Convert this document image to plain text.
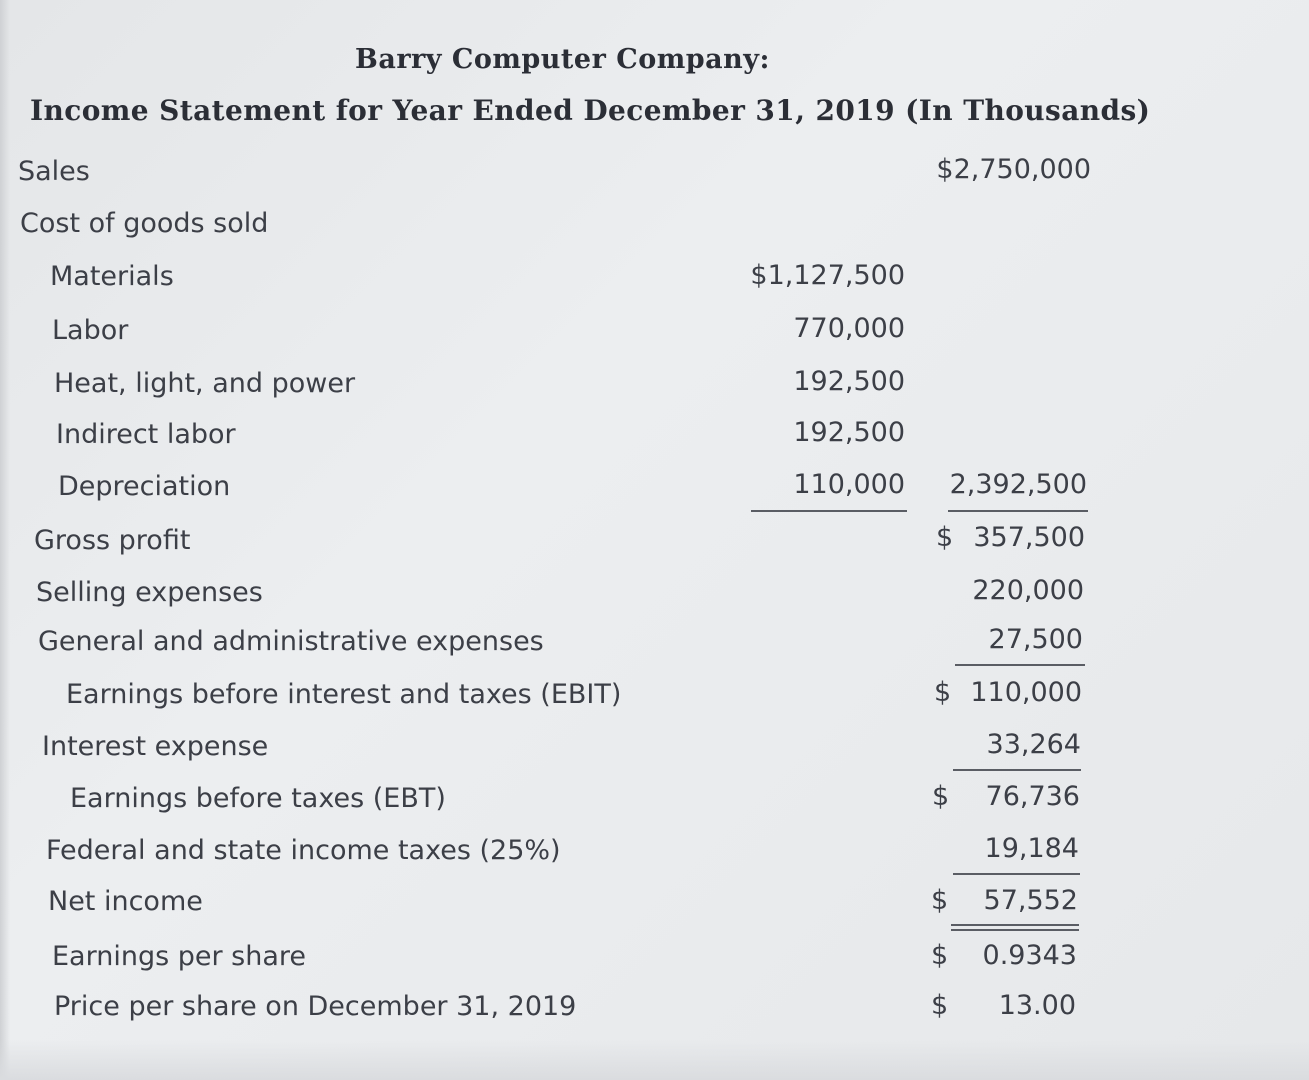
Barry Computer Company:
Income Statement for Year Ended December 31, 2019 (In Thousands)
Sales	$2,750,000
Cost of goods sold
Materials	$1,127,500
Labor	770,000
Heat, light, and power	192,500
Indirect labor	192,500
Depreciation	110,000 2,392,500
Gross profit	$ 357,500
Selling expenses	220,000
General and administrative expenses	27,500
Earnings before interest and taxes (EBIT)	$ 110,000
Interest expense	33,264
Earnings before taxes (EBT)	$ 76,736
Federal and state income taxes (25%)	19,184
Net income	$ 57,552
Earnings per share	$ 0.9343
Price per share on December 31, 2019	$ 13.00
